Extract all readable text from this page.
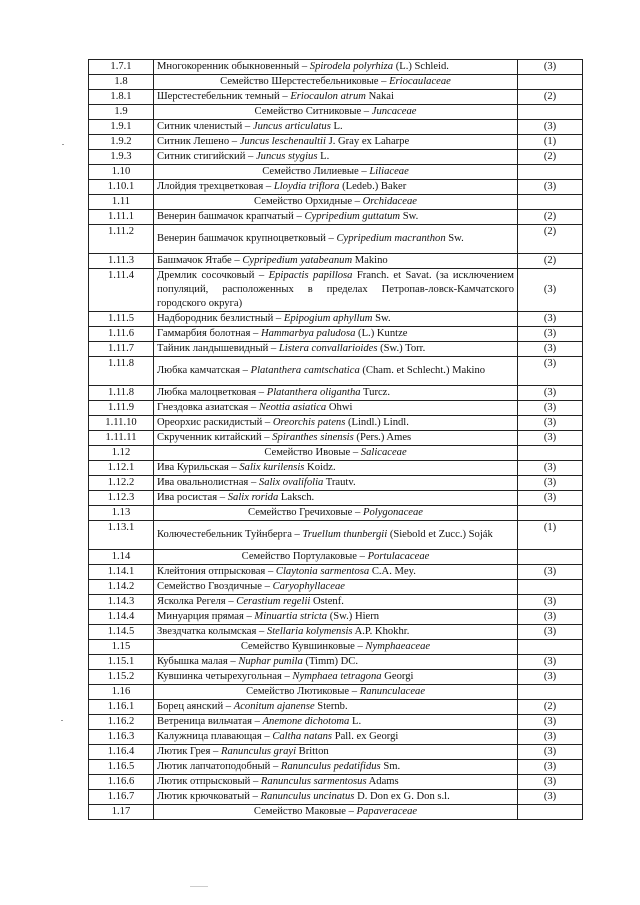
1.7.1	Многокоренник обыкновенный – Spirodela polyrhiza (L.) Schleid.	(3)
1.8	Семейство Шерстестебельниковые – Eriocaulaceae	
1.8.1	Шерстестебельник темный – Eriocaulon atrum Nakai	(2)
1.9	Семейство Ситниковые – Juncaceae	
1.9.1	Ситник членистый – Juncus articulatus L.	(3)
1.9.2	Ситник Лешено – Juncus leschenaultii J. Gray ex Laharpe	(1)
1.9.3	Ситник стигийский – Juncus stygius L.	(2)
1.10	Семейство Лилиевые – Liliaceae	
1.10.1	Ллойдия трехцветковая – Lloydia triflora (Ledeb.) Baker	(3)
1.11	Семейство Орхидные – Orchidaceae	
1.11.1	Венерин башмачок крапчатый – Cypripedium guttatum Sw.	(2)
1.11.2	Венерин башмачок крупноцветковый – Cypripedium macranthon Sw.	(2)
1.11.3	Башмачок Ятабе – Cypripedium yatabeanum Makino	(2)
1.11.4	Дремлик сосочковый – Epipactis papillosa Franch. et Savat. (за исключением популяций, расположенных в пределах Петропав-ловск-Камчатского городского округа)	(3)
1.11.5	Надбородник безлистный – Epipogium aphyllum Sw.	(3)
1.11.6	Гаммарбия болотная – Hammarbya paludosa (L.) Kuntze	(3)
1.11.7	Тайник ландышевидный – Listera convallarioides (Sw.) Torr.	(3)
1.11.8	Любка камчатская – Platanthera camtschatica (Cham. et Schlecht.) Makino	(3)
1.11.8	Любка малоцветковая – Platanthera oligantha Turcz.	(3)
1.11.9	Гнездовка азиатская – Neottia asiatica Ohwi	(3)
1.11.10	Ореорхис раскидистый – Oreorchis patens (Lindl.) Lindl.	(3)
1.11.11	Скрученник китайский – Spiranthes sinensis (Pers.) Ames	(3)
1.12	Семейство Ивовые – Salicaceae	
1.12.1	Ива Курильская – Salix kurilensis Koidz.	(3)
1.12.2	Ива овальнолистная – Salix ovalifolia Trautv.	(3)
1.12.3	Ива росистая – Salix rorida Laksch.	(3)
1.13	Семейство Гречиховые – Polygonaceae	
1.13.1	Колючестебельник Туйнберга – Truellum thunbergii (Siebold et Zucc.) Soják	(1)
1.14	Семейство Портулаковые – Portulacaceae	
1.14.1	Клейтония отпрысковая – Claytonia sarmentosa C.A. Mey.	(3)
1.14.2	Семейство Гвоздичные – Caryophyllaceae	
1.14.3	Ясколка Регеля – Cerastium regelii Ostenf.	(3)
1.14.4	Минуарция прямая – Minuartia stricta (Sw.) Hiern	(3)
1.14.5	Звездчатка колымская – Stellaria kolymensis A.P. Khokhr.	(3)
1.15	Семейство Кувшинковые – Nymphaeaceae	
1.15.1	Кубышка малая – Nuphar pumila (Timm) DC.	(3)
1.15.2	Кувшинка четырехугольная – Nymphaea tetragona Georgi	(3)
1.16	Семейство Лютиковые – Ranunculaceae	
1.16.1	Борец аянский – Aconitum ajanense Sternb.	(2)
1.16.2	Ветреница вильчатая – Anemone dichotoma L.	(3)
1.16.3	Калужница плавающая – Caltha natans Pall. ex Georgi	(3)
1.16.4	Лютик Грея – Ranunculus grayi Britton	(3)
1.16.5	Лютик лапчатоподобный – Ranunculus pedatifidus Sm.	(3)
1.16.6	Лютик отпрысковый – Ranunculus sarmentosus Adams	(3)
1.16.7	Лютик крючковатый – Ranunculus uncinatus D. Don ex G. Don s.l.	(3)
1.17	Семейство Маковые – Papaveraceae	
